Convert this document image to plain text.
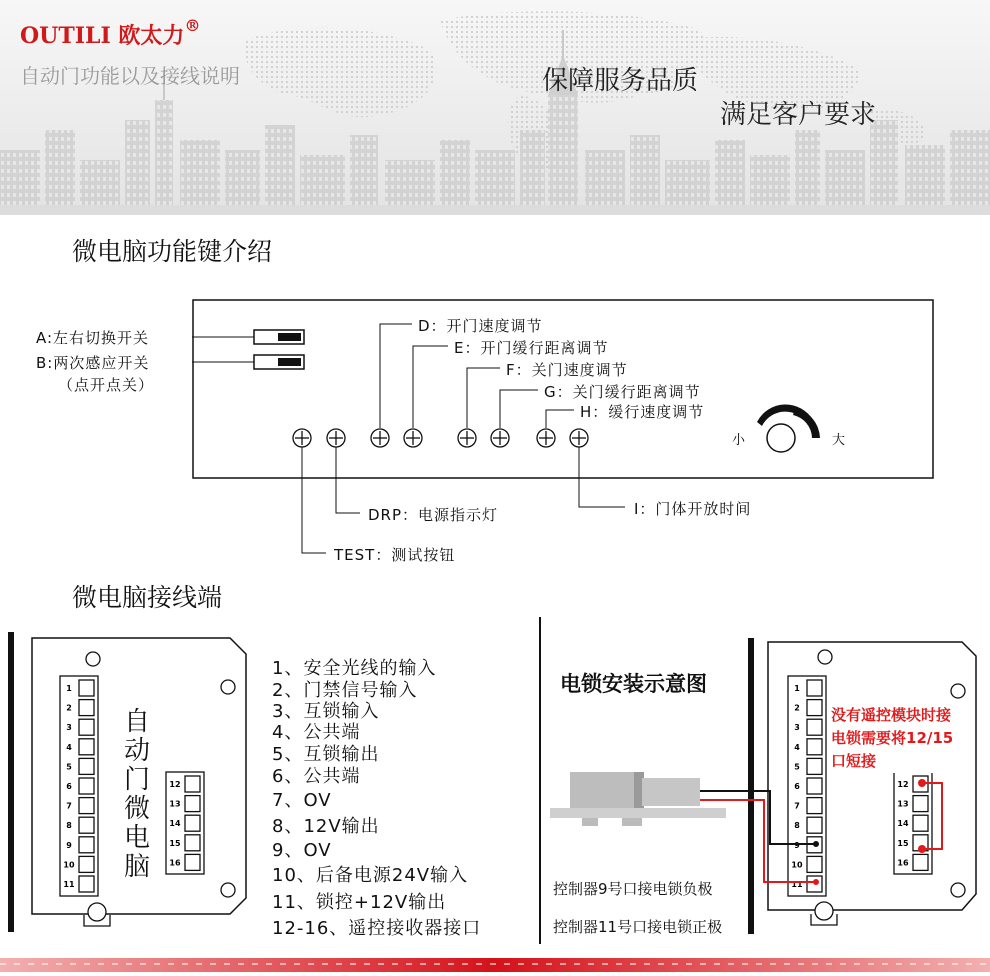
OUTILI 欧太力®
自动门功能以及接线说明	保障服务品质
满足客户要求
微电脑功能键介绍
A:左右切换开关
B:两次感应开关
（点开点关）
D：开门速度调节
E：开门缓行距离调节
F：关门速度调节
G：关门缓行距离调节
H：缓行速度调节
小	大
I：门体开放时间
DRP：电源指示灯
TEST：测试按钮
微电脑接线端
1
2
3
4
5
6
7
8
9
10
11
12
13
14
15
16
自
动
门
微
电
脑
1、安全光线的输入
2、门禁信号输入
3、互锁输入
4、公共端
5、互锁输出
6、公共端
7、OV
8、12V输出
9、OV
10、后备电源24V输入
11、锁控+12V输出
12-16、遥控接收器接口
电锁安装示意图	1
2
3
4
5
6
7
8
9
10
11
12
13
14
15
16
没有遥控模块时接
电锁需要将12/15
口短接
控制器9号口接电锁负极
控制器11号口接电锁正极
